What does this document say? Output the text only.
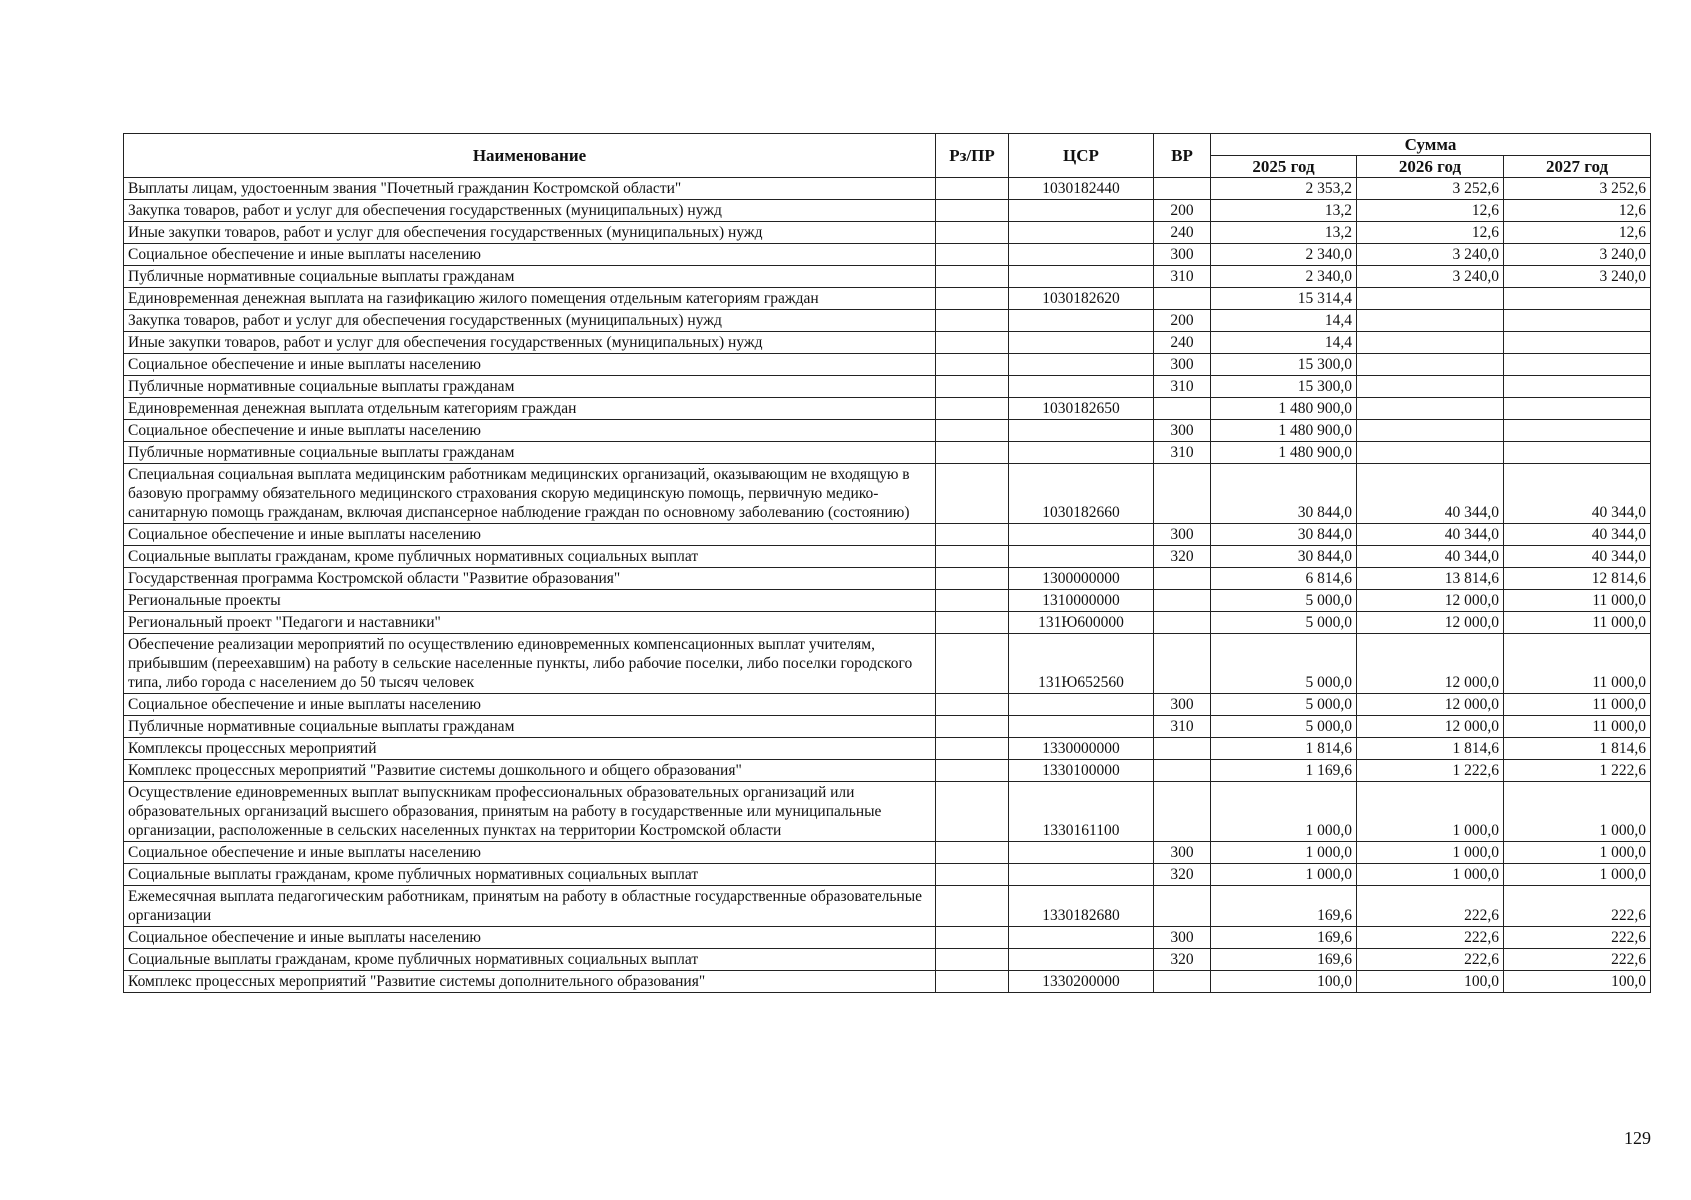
Наименование	Рз/ПР	ЦСР	ВР	Сумма		
				2025 год	2026 год	2027 год
Выплаты лицам, удостоенным звания "Почетный гражданин Костромской области"		1030182440		2 353,2	3 252,6	3 252,6
Закупка товаров, работ и услуг для обеспечения государственных (муниципальных) нужд			200	13,2	12,6	12,6
Иные закупки товаров, работ и услуг для обеспечения государственных (муниципальных) нужд			240	13,2	12,6	12,6
Социальное обеспечение и иные выплаты населению			300	2 340,0	3 240,0	3 240,0
Публичные нормативные социальные выплаты гражданам			310	2 340,0	3 240,0	3 240,0
Единовременная денежная выплата на газификацию жилого помещения отдельным категориям граждан		1030182620		15 314,4		
Закупка товаров, работ и услуг для обеспечения государственных (муниципальных) нужд			200	14,4		
Иные закупки товаров, работ и услуг для обеспечения государственных (муниципальных) нужд			240	14,4		
Социальное обеспечение и иные выплаты населению			300	15 300,0		
Публичные нормативные социальные выплаты гражданам			310	15 300,0		
Единовременная денежная выплата отдельным категориям граждан		1030182650		1 480 900,0		
Социальное обеспечение и иные выплаты населению			300	1 480 900,0		
Публичные нормативные социальные выплаты гражданам			310	1 480 900,0		
Специальная социальная выплата медицинским работникам медицинских организаций, оказывающим не входящую в базовую программу обязательного медицинского страхования скорую медицинскую помощь, первичную медико-санитарную помощь гражданам, включая диспансерное наблюдение граждан по основному заболеванию (состоянию)		1030182660		30 844,0	40 344,0	40 344,0
Социальное обеспечение и иные выплаты населению			300	30 844,0	40 344,0	40 344,0
Социальные выплаты гражданам, кроме публичных нормативных социальных выплат			320	30 844,0	40 344,0	40 344,0
Государственная программа Костромской области "Развитие образования"		1300000000		6 814,6	13 814,6	12 814,6
Региональные проекты		1310000000		5 000,0	12 000,0	11 000,0
Региональный проект "Педагоги и наставники"		131Ю600000		5 000,0	12 000,0	11 000,0
Обеспечение реализации мероприятий по осуществлению единовременных компенсационных выплат учителям, прибывшим (переехавшим) на работу в сельские населенные пункты, либо рабочие поселки, либо поселки городского типа, либо города с населением до 50 тысяч человек		131Ю652560		5 000,0	12 000,0	11 000,0
Социальное обеспечение и иные выплаты населению			300	5 000,0	12 000,0	11 000,0
Публичные нормативные социальные выплаты гражданам			310	5 000,0	12 000,0	11 000,0
Комплексы процессных мероприятий		1330000000		1 814,6	1 814,6	1 814,6
Комплекс процессных мероприятий "Развитие системы дошкольного и общего образования"		1330100000		1 169,6	1 222,6	1 222,6
Осуществление единовременных выплат выпускникам профессиональных образовательных организаций или образовательных организаций высшего образования, принятым на работу в государственные или муниципальные организации, расположенные в сельских населенных пунктах на территории Костромской области		1330161100		1 000,0	1 000,0	1 000,0
Социальное обеспечение и иные выплаты населению			300	1 000,0	1 000,0	1 000,0
Социальные выплаты гражданам, кроме публичных нормативных социальных выплат			320	1 000,0	1 000,0	1 000,0
Ежемесячная выплата педагогическим работникам, принятым на работу в областные государственные образовательные организации		1330182680		169,6	222,6	222,6
Социальное обеспечение и иные выплаты населению			300	169,6	222,6	222,6
Социальные выплаты гражданам, кроме публичных нормативных социальных выплат			320	169,6	222,6	222,6
Комплекс процессных мероприятий "Развитие системы дополнительного образования"		1330200000		100,0	100,0	100,0
129
